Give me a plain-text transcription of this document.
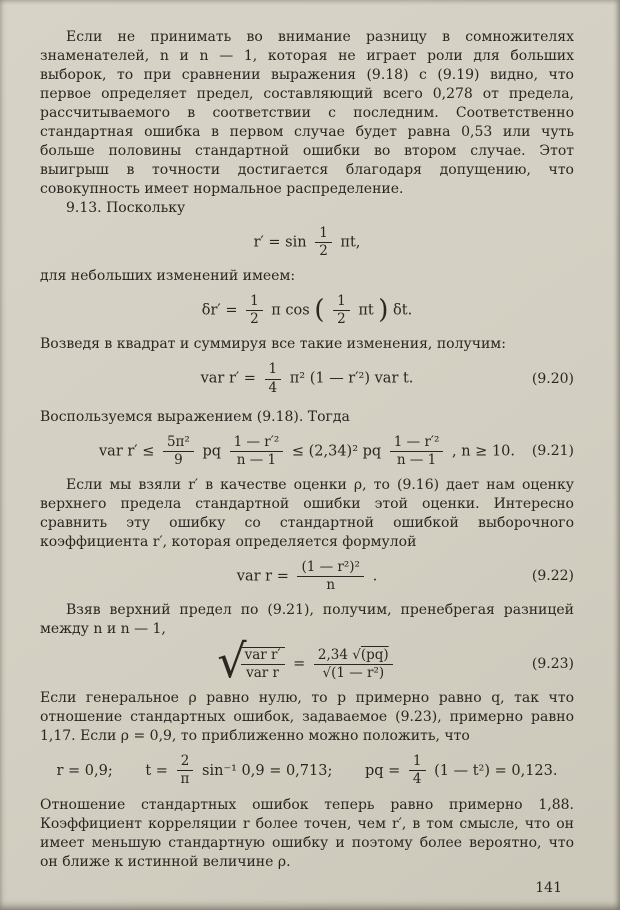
Если не принимать во внимание разницу в сомножителях знаменателей, n и n — 1, которая не играет роли для больших выборок, то при сравнении выражения (9.18) с (9.19) видно, что первое определяет предел, составляющий всего 0,278 от предела, рассчитываемого в соответствии с последним. Соответственно стандартная ошибка в первом случае будет равна 0,53 или чуть больше половины стандартной ошибки во втором случае. Этот выигрыш в точности достигается благодаря допущению, что совокупность имеет нормальное распределение.

9.13. Поскольку

$r' = \sin \frac{1}{2} \pi t$,

для небольших изменений имеем:

$\delta r' = \frac{1}{2}$ π cos ( $\frac{1}{2}$ πt ) δt.

Возведя в квадрат и суммируя все такие изменения, получим:

var $r' = \frac{1}{4} \pi^2$ (1 — r′²) var t.	(9.20)

Воспользуемся выражением (9.18). Тогда

var $r' \le \frac{\text{5π²}}{9}$ pq $\frac{\text{1 — r′²}}{n — 1} \le (2,34)^2$ pq $\frac{\text{1 — r′²}}{n — 1}$ , n ≥ 10. (9.21)

Если мы взяли r′ в качестве оценки ρ, то (9.16) дает нам оценку верхнего предела стандартной ошибки этой оценки. Интересно сравнить эту ошибку со стандартной ошибкой выборочного коэффициента r′, которая определяется формулой

var $r = \frac{\text{(1 — r²)²}}{n}$ .	(9.22)

Взяв верхний предел по (9.21), получим, пренебрегая разницей между n и n — 1,

√
$\frac{\text{var r′}}{\text{var r}} = \frac{2,34 √(pq)}{\text{√(1 — r²)}}$	(9.23)

Если генеральное ρ равно нулю, то p примерно равно q, так что отношение стандартных ошибок, задаваемое (9.23), примерно равно 1,17. Если ρ = 0,9, то приближенно можно положить, что

r = 0,9; $t = \frac{2}{\pi} \sin^{-1}$ 0,9 = 0,713; pq = $\frac{1}{4} (1$ — t²) = 0,123.

Отношение стандартных ошибок теперь равно примерно 1,88. Коэффициент корреляции r более точен, чем r′, в том смысле, что он имеет меньшую стандартную ошибку и поэтому более вероятно, что он ближе к истинной величине ρ.

141
